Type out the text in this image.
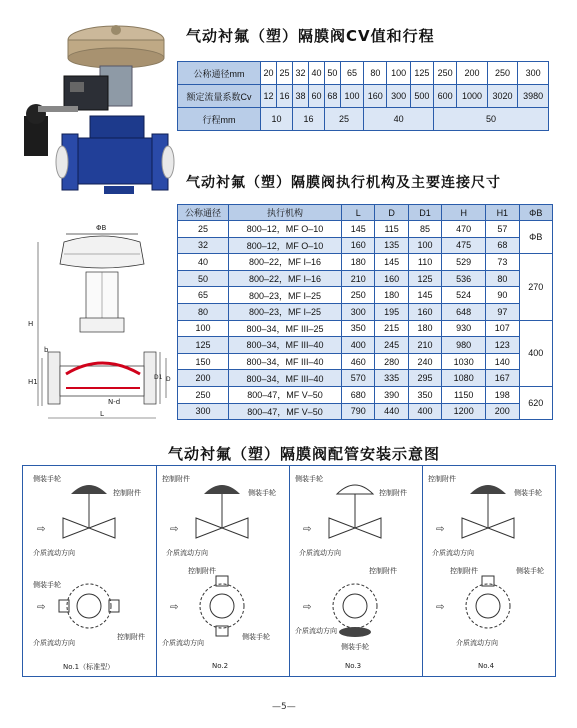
气动衬氟（塑）隔膜阀CV值和行程
公称通径mm	20	25	32	40	50	65	80	100	125	250	200	250	300
额定流量系数Cv	12	16	38	60	68	100	160	300	500	600	1000	3020	3980
行程mm	10		16		25		40			50			
气动衬氟（塑）隔膜阀执行机构及主要连接尺寸
公称通径	执行机构	L	D	D1	H	H1	ΦB
25	800–12，MF O–10	145	115	85	470	57	ΦB
32	800–12，MF O–10	160	135	100	475	68	
40	800–22，MF I–16	180	145	110	529	73	270
50	800–22，MF I–16	210	160	125	536	80	
65	800–23，MF I–25	250	180	145	524	90	
80	800–23，MF I–25	300	195	160	648	97	
100	800–34，MF III–25	350	215	180	930	107	400
125	800–34，MF III–40	400	245	210	980	123	
150	800–34，MF III–40	460	280	240	1030	140	
200	800–34，MF III–40	570	335	295	1080	167	
250	800–47，MF V–50	680	390	350	1150	198	620
300	800–47，MF V–50	790	440	400	1200	200	
ΦB
H
H1
D1 D
L
N-d
b
气动衬氟（塑）隔膜阀配管安装示意图
⇨
⇨
侧装手轮
控制附件
介质流动方向
侧装手轮
介质流动方向
控制附件
No.1（标准型）
⇨
⇨
控制附件
侧装手轮
介质流动方向
控制附件
介质流动方向
侧装手轮
No.2
⇨
⇨
侧装手轮
控制附件
介质流动方向
控制附件
介质流动方向
侧装手轮
No.3
⇨
⇨
控制附件
侧装手轮
介质流动方向
控制附件	侧装手轮
介质流动方向
No.4
—5—
